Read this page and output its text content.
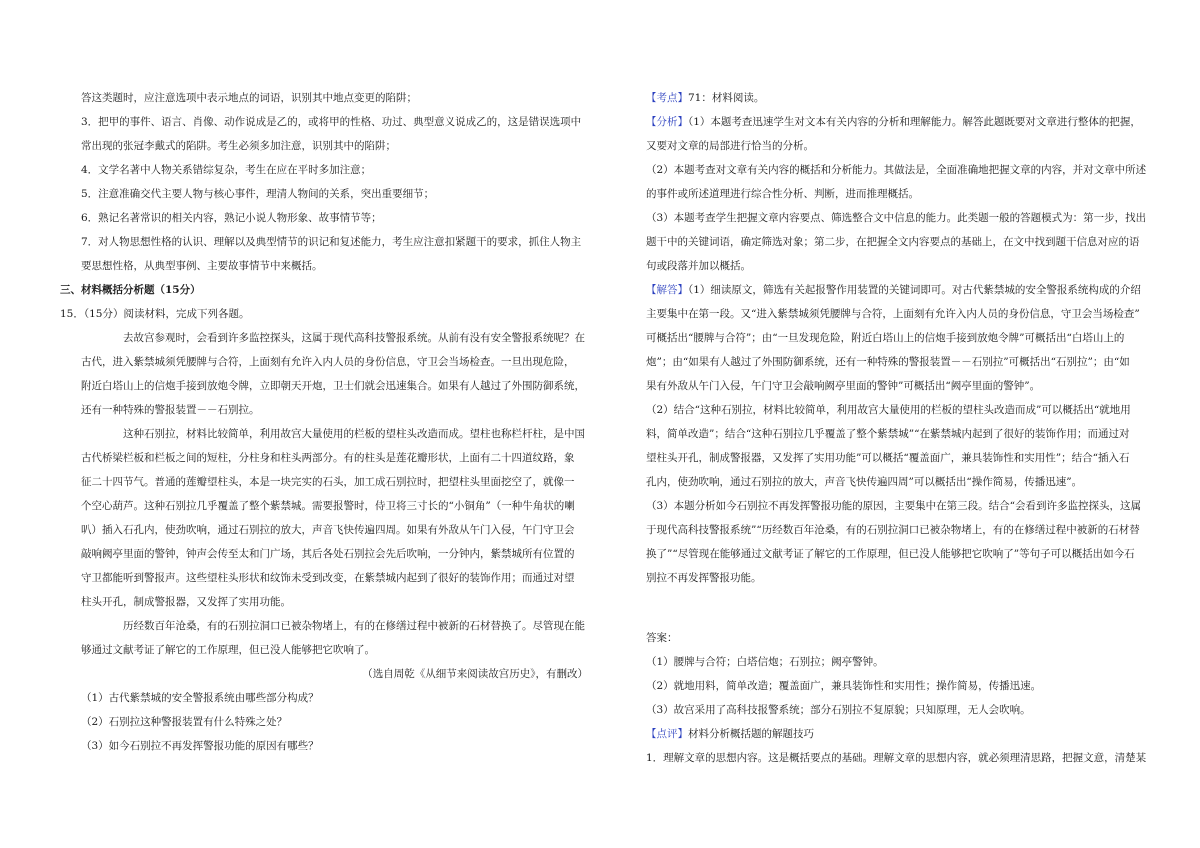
答这类题时，应注意选项中表示地点的词语，识别其中地点变更的陷阱；

3．把甲的事件、语言、肖像、动作说成是乙的，或将甲的性格、功过、典型意义说成乙的，这是错误选项中

常出现的张冠李戴式的陷阱。考生必须多加注意，识别其中的陷阱；

4．文学名著中人物关系错综复杂，考生在应在平时多加注意；

5．注意准确交代主要人物与核心事件，理清人物间的关系，突出重要细节；

6．熟记名著常识的相关内容，熟记小说人物形象、故事情节等；

7．对人物思想性格的认识、理解以及典型情节的识记和复述能力，考生应注意扣紧题干的要求，抓住人物主

要思想性格，从典型事例、主要故事情节中来概括。

三、材料概括分析题（15分）

15．（15分）阅读材料，完成下列各题。

去故宫参观时，会看到许多监控探头，这属于现代高科技警报系统。从前有没有安全警报系统呢？在

古代，进入紫禁城须凭腰牌与合符，上面刻有允许入内人员的身份信息，守卫会当场检查。一旦出现危险，

附近白塔山上的信炮手接到放炮令牌，立即朝天开炮，卫士们就会迅速集合。如果有人越过了外围防御系统，

还有一种特殊的警报装置－－石别拉。

这种石别拉，材料比较简单，利用故宫大量使用的栏板的望柱头改造而成。望柱也称栏杆柱，是中国

古代桥梁栏板和栏板之间的短柱，分柱身和柱头两部分。有的柱头是莲花瓣形状，上面有二十四道纹路，象

征二十四节气。普通的莲瓣望柱头，本是一块完实的石头，加工成石别拉时，把望柱头里面挖空了，就像一

个空心葫芦。这种石别拉几乎覆盖了整个紫禁城。需要报警时，侍卫将三寸长的“小铜角”（一种牛角状的喇

叭）插入石孔内，使劲吹响，通过石别拉的放大，声音飞快传遍四周。如果有外敌从午门入侵，午门守卫会

敲响阙亭里面的警钟，钟声会传至太和门广场，其后各处石别拉会先后吹响，一分钟内，紫禁城所有位置的

守卫都能听到警报声。这些望柱头形状和纹饰未受到改变，在紫禁城内起到了很好的装饰作用；而通过对望

柱头开孔，制成警报器，又发挥了实用功能。

历经数百年沧桑，有的石别拉洞口已被杂物堵上，有的在修缮过程中被新的石材替换了。尽管现在能

够通过文献考证了解它的工作原理，但已没人能够把它吹响了。

（选自周乾《从细节来阅读故宫历史》，有删改）

（1）古代紫禁城的安全警报系统由哪些部分构成？

（2）石别拉这种警报装置有什么特殊之处？

（3）如今石别拉不再发挥警报功能的原因有哪些？

【考点】71：材料阅读。

【分析】（1）本题考查迅速学生对文本有关内容的分析和理解能力。解答此题既要对文章进行整体的把握，

又要对文章的局部进行恰当的分析。

（2）本题考查对文章有关内容的概括和分析能力。其做法是，全面准确地把握文章的内容，并对文章中所述

的事件或所述道理进行综合性分析、判断，进而推理概括。

（3）本题考查学生把握文章内容要点、筛选整合文中信息的能力。此类题一般的答题模式为：第一步，找出

题干中的关键词语，确定筛选对象；第二步，在把握全文内容要点的基础上，在文中找到题干信息对应的语

句或段落并加以概括。

【解答】（1）细读原文，筛选有关起报警作用装置的关键词即可。对古代紫禁城的安全警报系统构成的介绍

主要集中在第一段。又“进入紫禁城须凭腰牌与合符，上面刻有允许入内人员的身份信息，守卫会当场检查”

可概括出“腰牌与合符”；由“一旦发现危险，附近白塔山上的信炮手接到放炮令牌”可概括出“白塔山上的

炮”；由“如果有人越过了外围防御系统，还有一种特殊的警报装置－－石别拉”可概括出“石别拉”；由“如

果有外敌从午门入侵，午门守卫会敲响阙亭里面的警钟”可概括出“阙亭里面的警钟”。

（2）结合“这种石别拉，材料比较简单，利用故宫大量使用的栏板的望柱头改造而成”可以概括出“就地用

料，简单改造”；结合“这种石别拉几乎覆盖了整个紫禁城”“在紫禁城内起到了很好的装饰作用；而通过对

望柱头开孔，制成警报器，又发挥了实用功能”可以概括“覆盖面广，兼具装饰性和实用性”；结合“插入石

孔内，使劲吹响，通过石别拉的放大，声音飞快传遍四周”可以概括出“操作简易，传播迅速”。

（3）本题分析如今石别拉不再发挥警报功能的原因，主要集中在第三段。结合“会看到许多监控探头，这属

于现代高科技警报系统”“历经数百年沧桑，有的石别拉洞口已被杂物堵上，有的在修缮过程中被新的石材替

换了”“尽管现在能够通过文献考证了解它的工作原理，但已没人能够把它吹响了”等句子可以概括出如今石

别拉不再发挥警报功能。

答案：

（1）腰牌与合符；白塔信炮；石别拉；阙亭警钟。

（2）就地用料，简单改造；覆盖面广，兼具装饰性和实用性；操作简易，传播迅速。

（3）故宫采用了高科技报警系统；部分石别拉不复原貌；只知原理，无人会吹响。

【点评】材料分析概括题的解题技巧

1．理解文章的思想内容。这是概括要点的基础。理解文章的思想内容，就必须理清思路，把握文意，清楚某
